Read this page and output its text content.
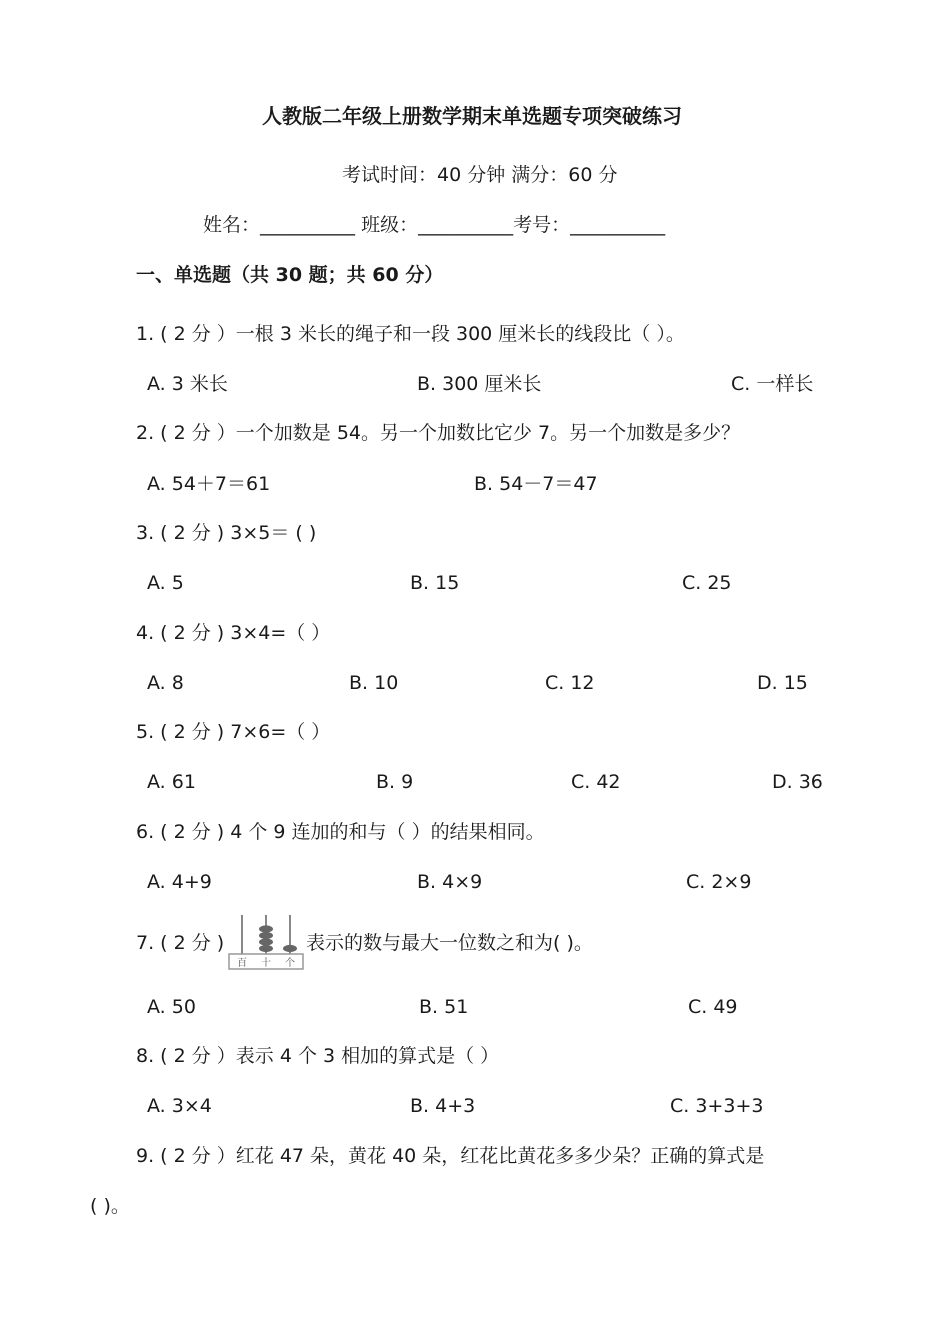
人教版二年级上册数学期末单选题专项突破练习
考试时间：40 分钟 满分：60 分
姓名：__________ 班级：__________考号：__________
一、单选题（共 30 题；共 60 分）
1. ( 2 分 ）一根 3 米长的绳子和一段 300 厘米长的线段比（ ）。
A. 3 米长	B. 300 厘米长	C. 一样长
2. ( 2 分 ）一个加数是 54。另一个加数比它少 7。另一个加数是多少？
A. 54＋7＝61	B. 54－7＝47
3. ( 2 分 ) 3×5＝ ( )
A. 5	B. 15	C. 25
4. ( 2 分 ) 3×4=（ ）
A. 8	B. 10	C. 12	D. 15
5. ( 2 分 ) 7×6=（ ）
A. 61	B. 9	C. 42	D. 36
6. ( 2 分 ) 4 个 9 连加的和与（ ）的结果相同。
A. 4+9	B. 4×9	C. 2×9
7. ( 2 分 )
百 十 个
表示的数与最大一位数之和为( )。
A. 50	B. 51	C. 49
8. ( 2 分 ）表示 4 个 3 相加的算式是（ ）
A. 3×4	B. 4+3	C. 3+3+3
9. ( 2 分 ）红花 47 朵，黄花 40 朵，红花比黄花多多少朵？正确的算式是
( )。
